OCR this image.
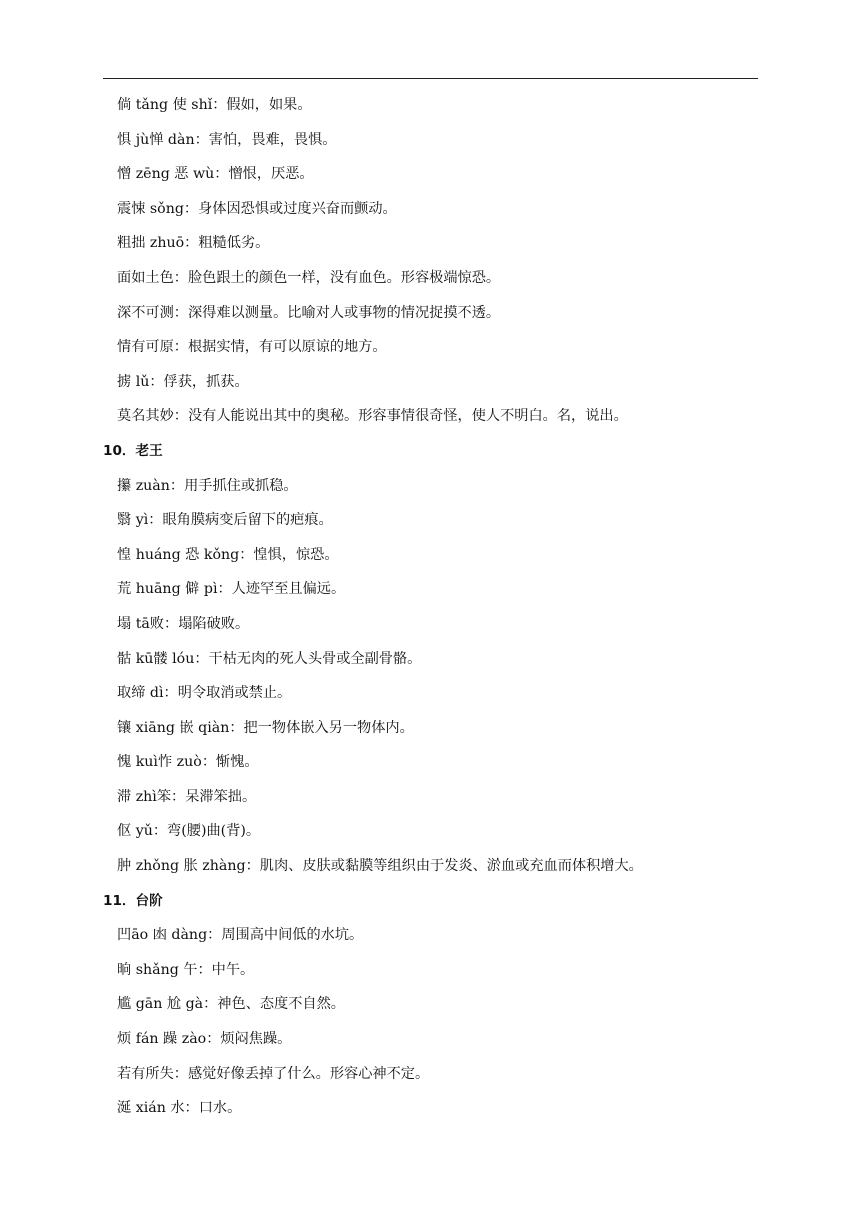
倘 tǎng 使 shǐ：假如，如果。
惧 jù惮 dàn：害怕，畏难，畏惧。
憎 zēng 恶 wù：憎恨，厌恶。
震悚 sǒng：身体因恐惧或过度兴奋而颤动。
粗拙 zhuō：粗糙低劣。
面如土色：脸色跟土的颜色一样，没有血色。形容极端惊恐。
深不可测：深得难以测量。比喻对人或事物的情况捉摸不透。
情有可原：根据实情，有可以原谅的地方。
掳 lǔ：俘获，抓获。
莫名其妙：没有人能说出其中的奥秘。形容事情很奇怪，使人不明白。名，说出。
10．老王
攥 zuàn：用手抓住或抓稳。
翳 yì：眼角膜病变后留下的疤痕。
惶 huáng 恐 kǒng：惶惧，惊恐。
荒 huāng 僻 pì：人迹罕至且偏远。
塌 tā败：塌陷破败。
骷 kū髅 lóu：干枯无肉的死人头骨或全副骨骼。
取缔 dì：明令取消或禁止。
镶 xiāng 嵌 qiàn：把一物体嵌入另一物体内。
愧 kuì怍 zuò：惭愧。
滞 zhì笨：呆滞笨拙。
伛 yǔ：弯(腰)曲(背)。
肿 zhǒng 胀 zhàng：肌肉、皮肤或黏膜等组织由于发炎、淤血或充血而体积增大。
11．台阶
凹āo 凼 dàng：周围高中间低的水坑。
晌 shǎng 午：中午。
尴 gān 尬 gà：神色、态度不自然。
烦 fán 躁 zào：烦闷焦躁。
若有所失：感觉好像丢掉了什么。形容心神不定。
涎 xián 水：口水。
